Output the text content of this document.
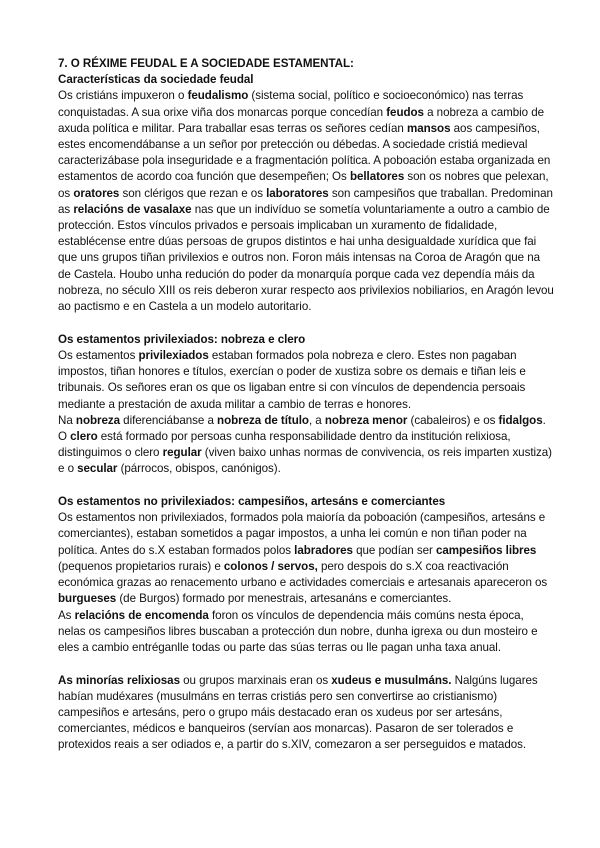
7. O RÉXIME FEUDAL E A SOCIEDADE ESTAMENTAL:

Características da sociedade feudal

Os cristiáns impuxeron o feudalismo (sistema social, político e socioeconómico) nas terras conquistadas. A sua orixe viña dos monarcas porque concedían feudos a nobreza a cambio de axuda política e militar. Para traballar esas terras os señores cedían mansos aos campesiños, estes encomendábanse a un señor por pretección ou débedas. A sociedade cristiá medieval caracterizábase pola inseguridade e a fragmentación política. A poboación estaba organizada en estamentos de acordo coa función que desempeñen; Os bellatores son os nobres que pelexan, os oratores son clérigos que rezan e os laboratores son campesiños que traballan. Predominan as relacións de vasalaxe nas que un indivíduo se sometía voluntariamente a outro a cambio de protección. Estos vínculos privados e persoais implicaban un xuramento de fidalidade, establécense entre dúas persoas de grupos distintos e hai unha desigualdade xurídica que fai que uns grupos tiñan privilexios e outros non. Foron máis intensas na Coroa de Aragón que na de Castela. Houbo unha redución do poder da monarquía porque cada vez dependía máis da nobreza, no século XIII os reis deberon xurar respecto aos privilexios nobiliarios, en Aragón levou ao pactismo e en Castela a un modelo autoritario.

Os estamentos privilexiados: nobreza e clero

Os estamentos privilexiados estaban formados pola nobreza e clero. Estes non pagaban impostos, tiñan honores e títulos, exercían o poder de xustiza sobre os demais e tiñan leis e tribunais. Os señores eran os que os ligaban entre si con vínculos de dependencia persoais mediante a prestación de axuda militar a cambio de terras e honores.

Na nobreza diferenciábanse a nobreza de título, a nobreza menor (cabaleiros) e os fidalgos. O clero está formado por persoas cunha responsabilidade dentro da institución relixiosa, distinguimos o clero regular (viven baixo unhas normas de convivencia, os reis imparten xustiza) e o secular (párrocos, obispos, canónigos).

Os estamentos no privilexiados: campesiños, artesáns e comerciantes

Os estamentos non privilexiados, formados pola maioría da poboación (campesiños, artesáns e comerciantes), estaban sometidos a pagar impostos, a unha lei común e non tiñan poder na política. Antes do s.X estaban formados polos labradores que podían ser campesiños libres (pequenos propietarios rurais) e colonos / servos, pero despois do s.X coa reactivación económica grazas ao renacemento urbano e actividades comerciais e artesanais apareceron os burgueses (de Burgos) formado por menestrais, artesanáns e comerciantes.

As relacións de encomenda foron os vínculos de dependencia máis comúns nesta época, nelas os campesiños libres buscaban a protección dun nobre, dunha igrexa ou dun mosteiro e eles a cambio entréganlle todas ou parte das súas terras ou lle pagan unha taxa anual.

As minorías relixiosas ou grupos marxinais eran os xudeus e musulmáns. Nalgúns lugares habían mudéxares (musulmáns en terras cristiás pero sen convertirse ao cristianismo) campesiños e artesáns, pero o grupo máis destacado eran os xudeus por ser artesáns, comerciantes, médicos e banqueiros (servían aos monarcas). Pasaron de ser tolerados e protexidos reais a ser odiados e, a partir do s.XIV, comezaron a ser perseguidos e matados.
